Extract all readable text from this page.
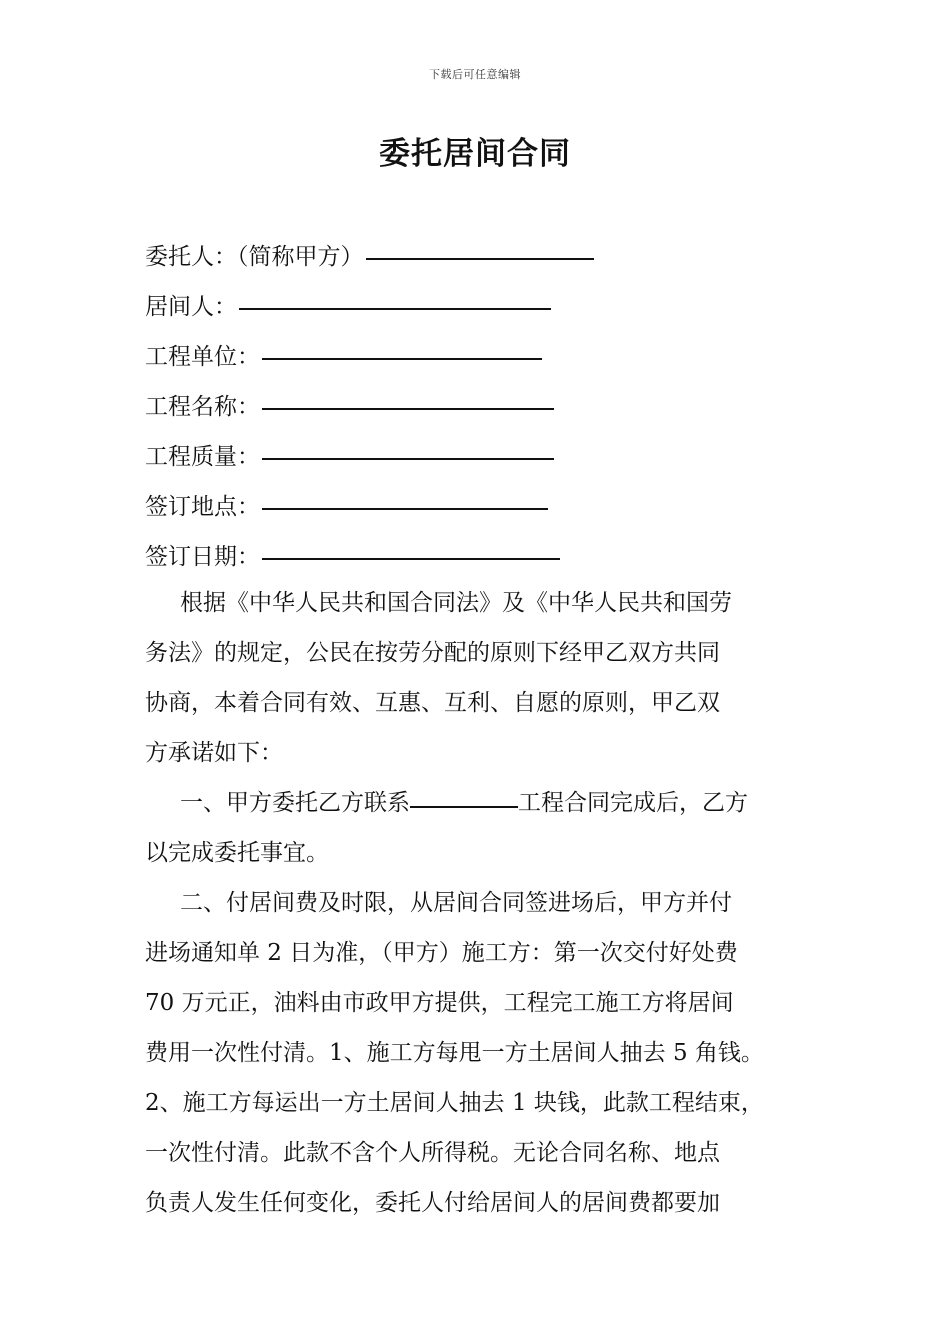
下载后可任意编辑
委托居间合同
委托人：（简称甲方）
居间人：
工程单位：
工程名称：
工程质量：
签订地点：
签订日期：
根据《中华人民共和国合同法》及《中华人民共和国劳
务法》的规定，公民在按劳分配的原则下经甲乙双方共同
协商，本着合同有效、互惠、互利、自愿的原则，甲乙双
方承诺如下：
一、甲方委托乙方联系	工程合同完成后，乙方
以完成委托事宜。
二、付居间费及时限，从居间合同签进场后，甲方并付
进场通知单 2 日为准，（甲方）施工方：第一次交付好处费
70 万元正，油料由市政甲方提供，工程完工施工方将居间
费用一次性付清。1、施工方每甩一方土居间人抽去 5 角钱。
2、施工方每运出一方土居间人抽去 1 块钱，此款工程结束，
一次性付清。此款不含个人所得税。无论合同名称、地点
负责人发生任何变化，委托人付给居间人的居间费都要加
